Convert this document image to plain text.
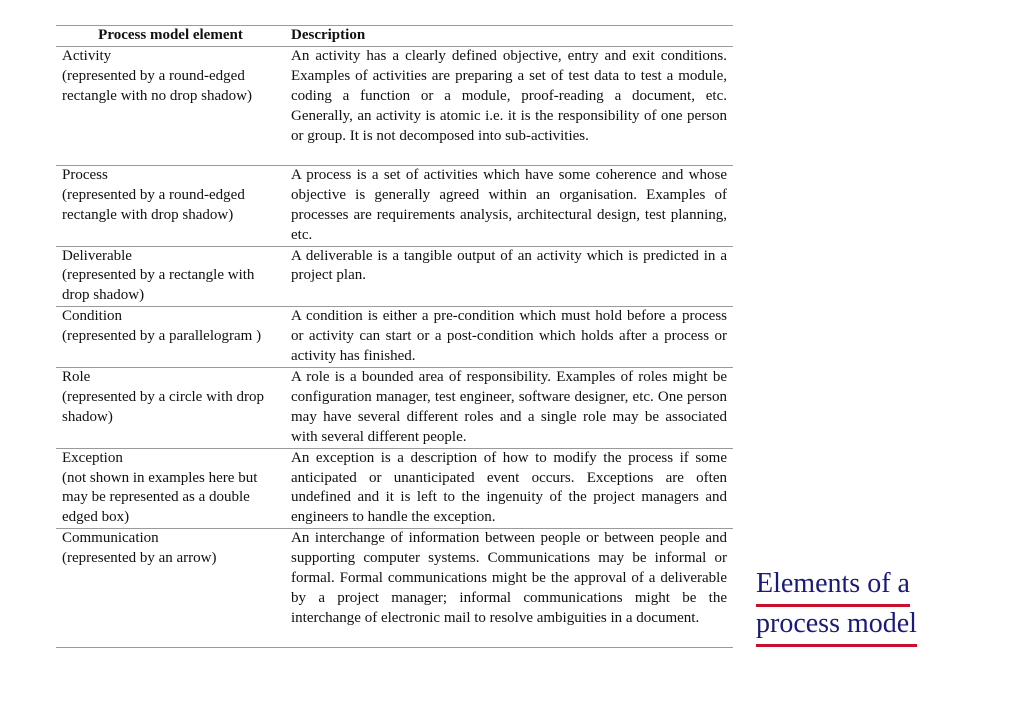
Process model element	Description

Activity
(represented by a round-edged rectangle with no drop shadow)	An activity has a clearly defined objective, entry and exit conditions. Examples of activities are preparing a set of test data to test a module, coding a function or a module, proof-reading a document, etc. Generally, an activity is atomic i.e. it is the responsibility of one person or group. It is not decomposed into sub-activities.

Process
(represented by a round-edged rectangle with drop shadow)	A process is a set of activities which have some coherence and whose objective is generally agreed within an organisation. Examples of processes are requirements analysis, architectural design, test planning, etc.

Deliverable
(represented by a rectangle with drop shadow)	A deliverable is a tangible output of an activity which is predicted in a project plan.

Condition
(represented by a parallelogram )	A condition is either a pre-condition which must hold before a process or activity can start or a post-condition which holds after a process or activity has finished.

Role
(represented by a circle with drop shadow)	A role is a bounded area of responsibility. Examples of roles might be configuration manager, test engineer, software designer, etc. One person may have several different roles and a single role may be associated with several different people.

Exception
(not shown in examples here but may be represented as a double edged box)	An exception is a description of how to modify the process if some anticipated or unanticipated event occurs. Exceptions are often undefined and it is left to the ingenuity of the project managers and engineers to handle the exception.

Communication
(represented by an arrow)	An interchange of information between people or between people and supporting computer systems. Communications may be informal or formal. Formal communications might be the approval of a deliverable by a project manager; informal communications might be the interchange of electronic mail to resolve ambiguities in a document.
Elements of a
process model
